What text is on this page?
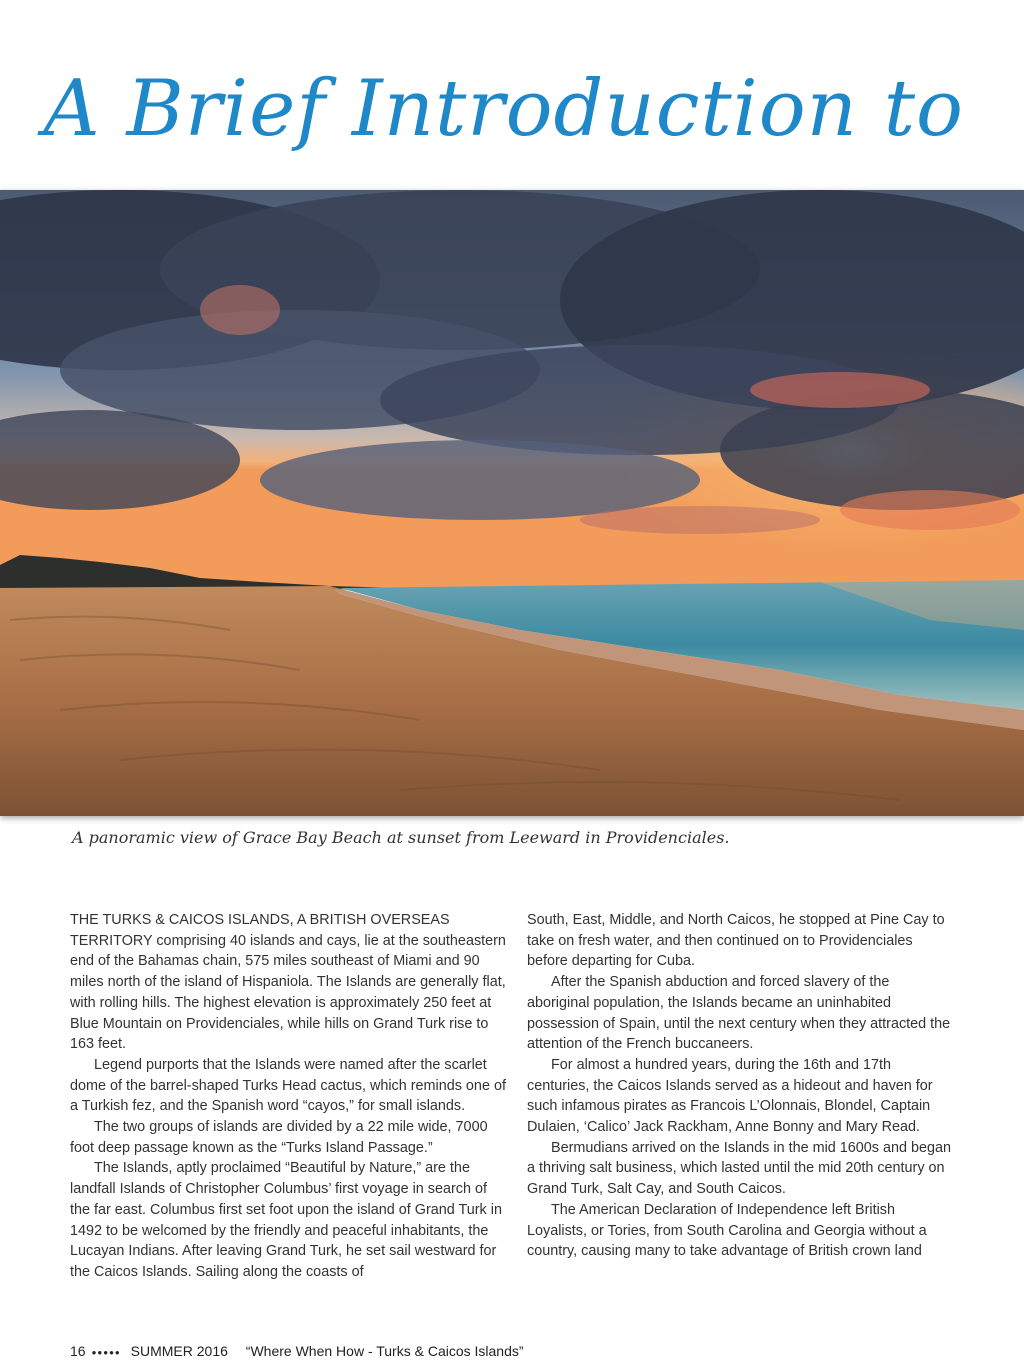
A Brief Introduction to
A panoramic view of Grace Bay Beach at sunset from Leeward in Providenciales.

THE TURKS & CAICOS ISLANDS, A BRITISH OVERSEAS TERRITORY comprising 40 islands and cays, lie at the southeastern end of the Bahamas chain, 575 miles southeast of Miami and 90 miles north of the island of Hispaniola. The Islands are generally flat, with rolling hills. The highest elevation is approximately 250 feet at Blue Mountain on Providenciales, while hills on Grand Turk rise to 163 feet.

Legend purports that the Islands were named after the scarlet dome of the barrel-shaped Turks Head cactus, which reminds one of a Turkish fez, and the Spanish word “cayos,” for small islands.

The two groups of islands are divided by a 22 mile wide, 7000 foot deep passage known as the “Turks Island Passage.”

The Islands, aptly proclaimed “Beautiful by Nature,” are the landfall Islands of Christopher Columbus’ first voyage in search of the far east. Columbus first set foot upon the island of Grand Turk in 1492 to be welcomed by the friendly and peaceful inhabitants, the Lucayan Indians. After leaving Grand Turk, he set sail westward for the Caicos Islands. Sailing along the coasts of

South, East, Middle, and North Caicos, he stopped at Pine Cay to take on fresh water, and then continued on to Providenciales before departing for Cuba.

After the Spanish abduction and forced slavery of the aboriginal population, the Islands became an uninhabited possession of Spain, until the next century when they attracted the attention of the French buccaneers.

For almost a hundred years, during the 16th and 17th centuries, the Caicos Islands served as a hideout and haven for such infamous pirates as Francois L’Olonnais, Blondel, Captain Dulaien, ‘Calico’ Jack Rackham, Anne Bonny and Mary Read.

Bermudians arrived on the Islands in the mid 1600s and began a thriving salt business, which lasted until the mid 20th century on Grand Turk, Salt Cay, and South Caicos.

The American Declaration of Independence left British Loyalists, or Tories, from South Carolina and Georgia without a country, causing many to take advantage of British crown land

16 ●●●●● SUMMER 2016 “Where When How - Turks & Caicos Islands”
